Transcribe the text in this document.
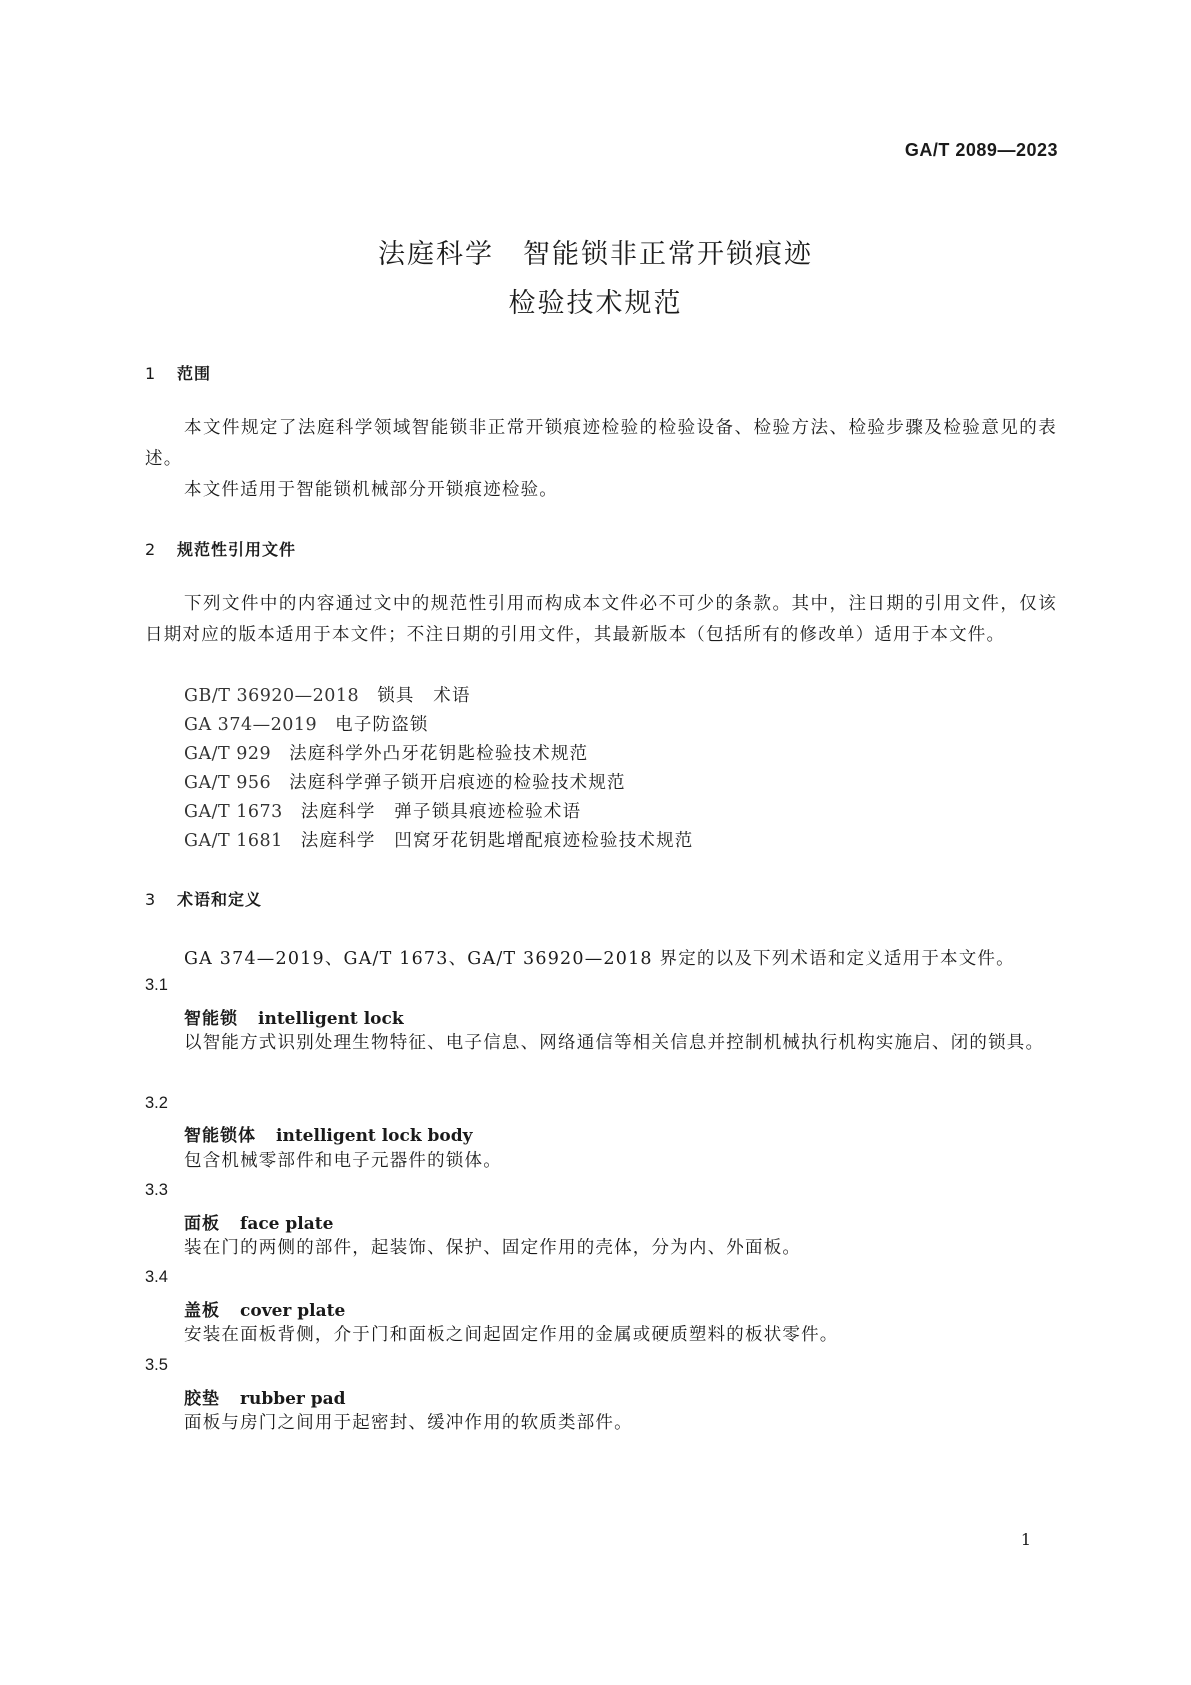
GA/T 2089—2023
法庭科学　智能锁非正常开锁痕迹
检验技术规范
1 范围
本文件规定了法庭科学领域智能锁非正常开锁痕迹检验的检验设备、检验方法、检验步骤及检验意见的表述。
本文件适用于智能锁机械部分开锁痕迹检验。
2 规范性引用文件
下列文件中的内容通过文中的规范性引用而构成本文件必不可少的条款。其中，注日期的引用文件，仅该日期对应的版本适用于本文件；不注日期的引用文件，其最新版本（包括所有的修改单）适用于本文件。
GB/T 36920—2018 锁具　术语
GA 374—2019 电子防盗锁
GA/T 929 法庭科学外凸牙花钥匙检验技术规范
GA/T 956 法庭科学弹子锁开启痕迹的检验技术规范
GA/T 1673 法庭科学　弹子锁具痕迹检验术语
GA/T 1681 法庭科学　凹窝牙花钥匙增配痕迹检验技术规范
3 术语和定义
GA 374—2019、GA/T 1673、GA/T 36920—2018 界定的以及下列术语和定义适用于本文件。
3.1
智能锁 intelligent lock
以智能方式识别处理生物特征、电子信息、网络通信等相关信息并控制机械执行机构实施启、闭的锁具。
3.2
智能锁体 intelligent lock body
包含机械零部件和电子元器件的锁体。
3.3
面板 face plate
装在门的两侧的部件，起装饰、保护、固定作用的壳体，分为内、外面板。
3.4
盖板 cover plate
安装在面板背侧，介于门和面板之间起固定作用的金属或硬质塑料的板状零件。
3.5
胶垫 rubber pad
面板与房门之间用于起密封、缓冲作用的软质类部件。
1
